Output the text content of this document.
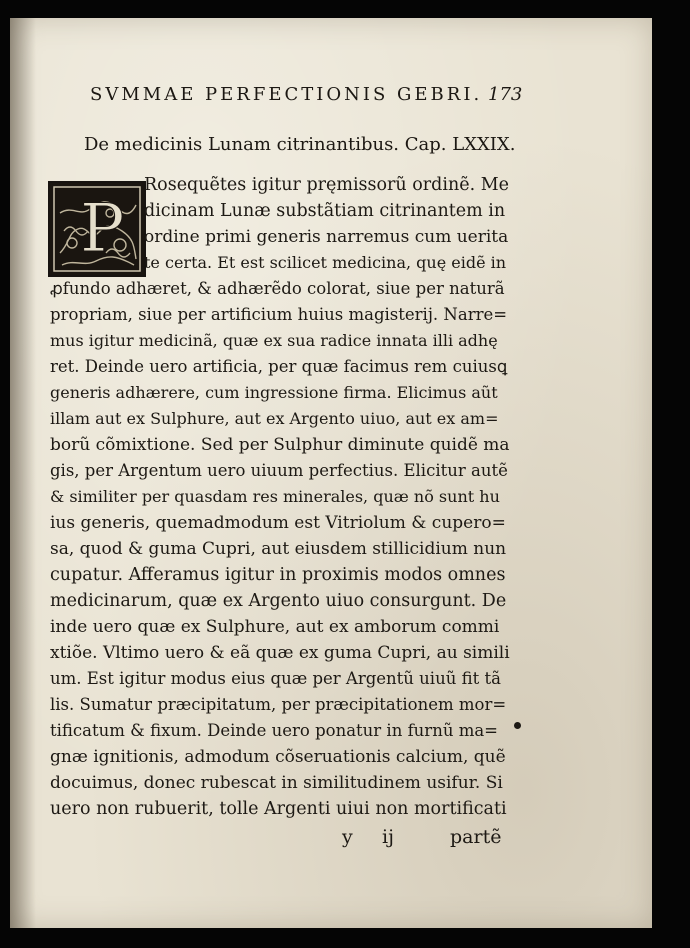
SVMMAE PERFECTIONIS GEBRI. 173
De medicinis Lunam citrinantibus. Cap. LXXIX.
P
Rosequẽtes igitur pręmissorũ ordinẽ. Me
dicinam Lunæ substãtiam citrinantem in
ordine primi generis narremus cum uerita
te certa. Et est scilicet medicina, quę eidẽ in
ꝓfundo adhæret, & adhærẽdo colorat, siue per naturã
propriam, siue per artificium huius magisterij. Narre=
mus igitur medicinã, quæ ex sua radice innata illi adhę
ret. Deinde uero artificia, per quæ facimus rem cuiusꝗ
generis adhærere, cum ingressione firma. Elicimus aũt
illam aut ex Sulphure, aut ex Argento uiuo, aut ex am=
borũ cõmixtione. Sed per Sulphur diminute quidẽ ma
gis, per Argentum uero uiuum perfectius. Elicitur autẽ
& similiter per quasdam res minerales, quæ nõ sunt hu
ius generis, quemadmodum est Vitriolum & cupero=
sa, quod & guma Cupri, aut eiusdem stillicidium nun
cupatur. Afferamus igitur in proximis modos omnes
medicinarum, quæ ex Argento uiuo consurgunt. De
inde uero quæ ex Sulphure, aut ex amborum commi
xtiõe. Vltimo uero & eã quæ ex guma Cupri, au simili
um. Est igitur modus eius quæ per Argentũ uiuũ fit tã
lis. Sumatur præcipitatum, per præcipitationem mor=
tificatum & fixum. Deinde uero ponatur in furnũ ma=
gnæ ignitionis, admodum cõseruationis calcium, quẽ
docuimus, donec rubescat in similitudinem usifur. Si
uero non rubuerit, tolle Argenti uiui non mortificati
y ij	partẽ
